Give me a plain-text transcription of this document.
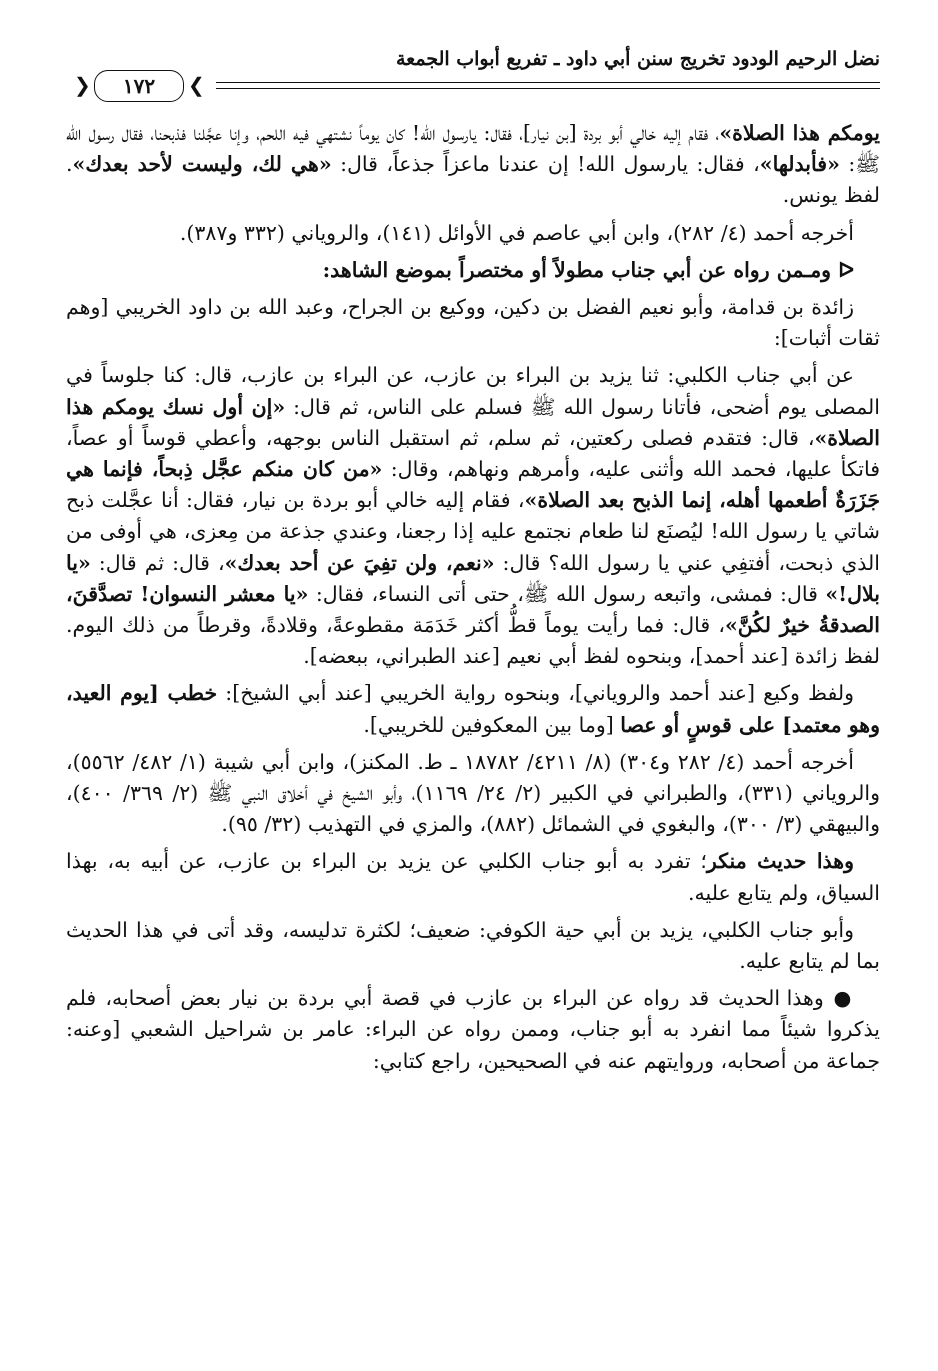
نضل الرحيم الودود تخريج سنن أبي داود ـ تفريع أبواب الجمعة
❮	١٧٢	❯

يومكم هذا الصلاة»، فقام إليه خالي أبو بردة [بن نيار]، فقال: يارسول الله! كان يوماً نشتهي فيه اللحم، وإنا عجَّلنا فذبحنا، فقال رسول الله ﷺ: «فأبدلها»، فقال: يارسول الله! إن عندنا ماعزاً جذعاً، قال: «هي لك، وليست لأحد بعدك». لفظ يونس.

أخرجه أحمد (٤/ ٢٨٢)، وابن أبي عاصم في الأوائل (١٤١)، والروياني (٣٣٢ و٣٨٧).

ᐅ ومـمن رواه عن أبي جناب مطولاً أو مختصراً بموضع الشاهد:

زائدة بن قدامة، وأبو نعيم الفضل بن دكين، ووكيع بن الجراح، وعبد الله بن داود الخريبي [وهم ثقات أثبات]:

عن أبي جناب الكلبي: ثنا يزيد بن البراء بن عازب، عن البراء بن عازب، قال: كنا جلوساً في المصلى يوم أضحى، فأتانا رسول الله ﷺ فسلم على الناس، ثم قال: «إن أول نسك يومكم هذا الصلاة»، قال: فتقدم فصلى ركعتين، ثم سلم، ثم استقبل الناس بوجهه، وأعطي قوساً أو عصاً، فاتكأ عليها، فحمد الله وأثنى عليه، وأمرهم ونهاهم، وقال: «من كان منكم عجَّل ذِبحاً، فإنما هي جَزَرَةٌ أطعمها أهله، إنما الذبح بعد الصلاة»، فقام إليه خالي أبو بردة بن نيار، فقال: أنا عجَّلت ذبح شاتي يا رسول الله! ليُصنَع لنا طعام نجتمع عليه إذا رجعنا، وعندي جذعة من مِعزى، هي أوفى من الذي ذبحت، أفتفِي عني يا رسول الله؟ قال: «نعم، ولن تفِيَ عن أحد بعدك»، قال: ثم قال: «يا بلال!» قال: فمشى، واتبعه رسول الله ﷺ، حتى أتى النساء، فقال: «يا معشر النسوان! تصدَّقنَ، الصدقةُ خيرٌ لكُنَّ»، قال: فما رأيت يوماً قطُّ أكثر خَدَمَة مقطوعةً، وقلادةً، وقرطاً من ذلك اليوم. لفظ زائدة [عند أحمد]، وبنحوه لفظ أبي نعيم [عند الطبراني، ببعضه].

ولفظ وكيع [عند أحمد والروياني]، وبنحوه رواية الخريبي [عند أبي الشيخ]: خطب [يوم العيد، وهو معتمد] على قوسٍ أو عصا [وما بين المعكوفين للخريبي].

أخرجه أحمد (٤/ ٢٨٢ و٣٠٤) (٨/ ٤٢١١/ ١٨٧٨٢ ـ ط. المكنز)، وابن أبي شيبة (١/ ٤٨٢/ ٥٥٦٢)، والروياني (٣٣١)، والطبراني في الكبير (٢/ ٢٤/ ١١٦٩)، وأبو الشيخ في أخلاق النبي ﷺ (٢/ ٣٦٩/ ٤٠٠)، والبيهقي (٣/ ٣٠٠)، والبغوي في الشمائل (٨٨٢)، والمزي في التهذيب (٣٢/ ٩٥).

وهذا حديث منكر؛ تفرد به أبو جناب الكلبي عن يزيد بن البراء بن عازب، عن أبيه به، بهذا السياق، ولم يتابع عليه.

وأبو جناب الكلبي، يزيد بن أبي حية الكوفي: ضعيف؛ لكثرة تدليسه، وقد أتى في هذا الحديث بما لم يتابع عليه.

● وهذا الحديث قد رواه عن البراء بن عازب في قصة أبي بردة بن نيار بعض أصحابه، فلم يذكروا شيئاً مما انفرد به أبو جناب، وممن رواه عن البراء: عامر بن شراحيل الشعبي [وعنه: جماعة من أصحابه، وروايتهم عنه في الصحيحين، راجع كتابي:
